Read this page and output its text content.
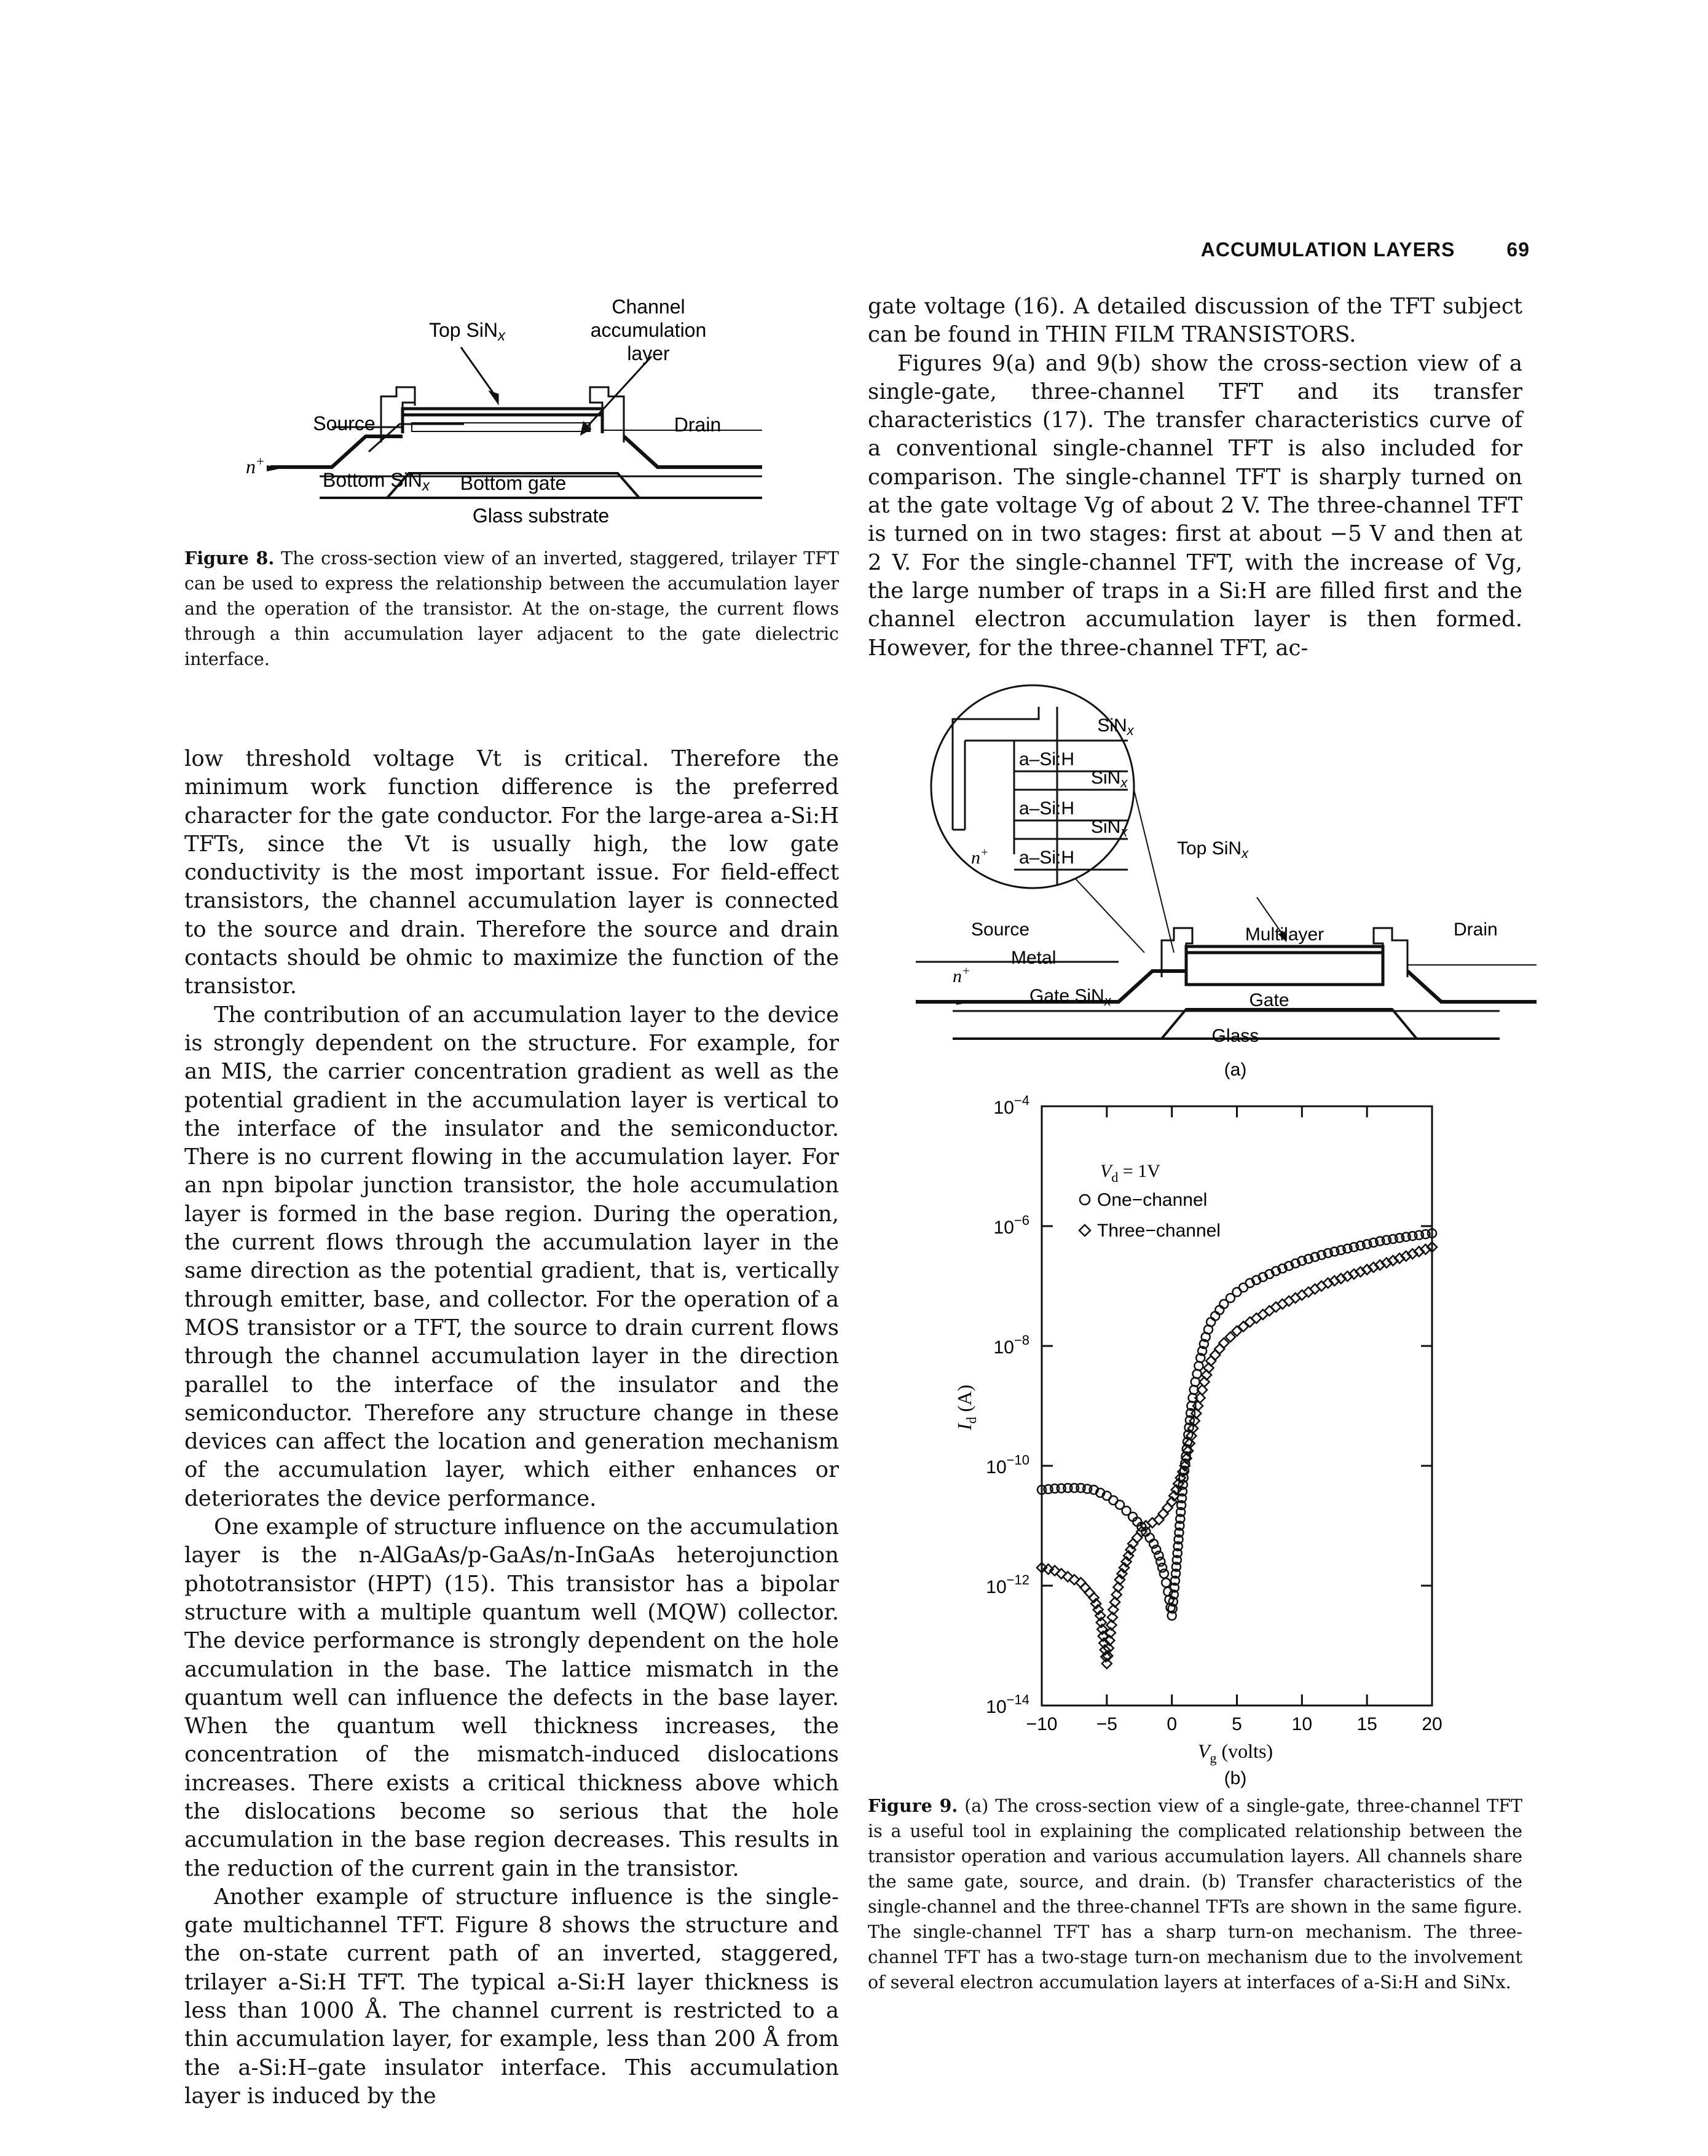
ACCUMULATION LAYERS	69
Channel
accumulation
layer
Top SiNx
Source	Drain
n+
Bottom SiNx Bottom gate
Glass substrate
Figure 8. The cross-section view of an inverted, staggered, trilayer TFT can be used to express the relationship between the accumulation layer and the operation of the transistor. At the on-stage, the current flows through a thin accumulation layer adjacent to the gate dielectric interface.

gate voltage (16). A detailed discussion of the TFT subject can be found in THIN FILM TRANSISTORS.

Figures 9(a) and 9(b) show the cross-section view of a single-gate, three-channel TFT and its transfer characteristics (17). The transfer characteristics curve of a conventional single-channel TFT is also included for comparison. The single-channel TFT is sharply turned on at the gate voltage Vg of about 2 V. The three-channel TFT is turned on in two stages: first at about −5 V and then at 2 V. For the single-channel TFT, with the increase of Vg, the large number of traps in a Si:H are filled first and the channel electron accumulation layer is then formed. However, for the three-channel TFT, ac-

low threshold voltage Vt is critical. Therefore the minimum work function difference is the preferred character for the gate conductor. For the large-area a-Si:H TFTs, since the Vt is usually high, the low gate conductivity is the most important issue. For field-effect transistors, the channel accumulation layer is connected to the source and drain. Therefore the source and drain contacts should be ohmic to maximize the function of the transistor.

The contribution of an accumulation layer to the device is strongly dependent on the structure. For example, for an MIS, the carrier concentration gradient as well as the potential gradient in the accumulation layer is vertical to the interface of the insulator and the semiconductor. There is no current flowing in the accumulation layer. For an npn bipolar junction transistor, the hole accumulation layer is formed in the base region. During the operation, the current flows through the accumulation layer in the same direction as the potential gradient, that is, vertically through emitter, base, and collector. For the operation of a MOS transistor or a TFT, the source to drain current flows through the channel accumulation layer in the direction parallel to the interface of the insulator and the semiconductor. Therefore any structure change in these devices can affect the location and generation mechanism of the accumulation layer, which either enhances or deteriorates the device performance.

One example of structure influence on the accumulation layer is the n-AlGaAs/p-GaAs/n-InGaAs heterojunction phototransistor (HPT) (15). This transistor has a bipolar structure with a multiple quantum well (MQW) collector. The device performance is strongly dependent on the hole accumulation in the base. The lattice mismatch in the quantum well can influence the defects in the base layer. When the quantum well thickness increases, the concentration of the mismatch-induced dislocations increases. There exists a critical thickness above which the dislocations become so serious that the hole accumulation in the base region decreases. This results in the reduction of the current gain in the transistor.

Another example of structure influence is the single-gate multichannel TFT. Figure 8 shows the structure and the on-state current path of an inverted, staggered, trilayer a-Si:H TFT. The typical a-Si:H layer thickness is less than 1000 Å. The channel current is restricted to a thin accumulation layer, for example, less than 200 Å from the a-Si:H–gate insulator interface. This accumulation layer is induced by the

SiN$_x$
a–Si:H
SiN$_x$
a–Si:H
SiN$_x$
a–Si:H
n+	Top SiN$_x$
Source	Drain
Multilayer
Metal
n+
Gate SiN$_x$	Gate
Glass
(a)
$10^{-4}$
$10^{-6}$
$10^{-8}$
$10^{-10}$
$10^{-12}$
$10^{-14}$
−10 −5	0	5	10 15 20
$V_d = 1V$
One−channel
Three−channel
$I_d$ (A)
$V_g$ (volts)
(b)
Figure 9. (a) The cross-section view of a single-gate, three-channel TFT is a useful tool in explaining the complicated relationship between the transistor operation and various accumulation layers. All channels share the same gate, source, and drain. (b) Transfer characteristics of the single-channel and the three-channel TFTs are shown in the same figure. The single-channel TFT has a sharp turn-on mechanism. The three-channel TFT has a two-stage turn-on mechanism due to the involvement of several electron accumulation layers at interfaces of a-Si:H and SiNx.
